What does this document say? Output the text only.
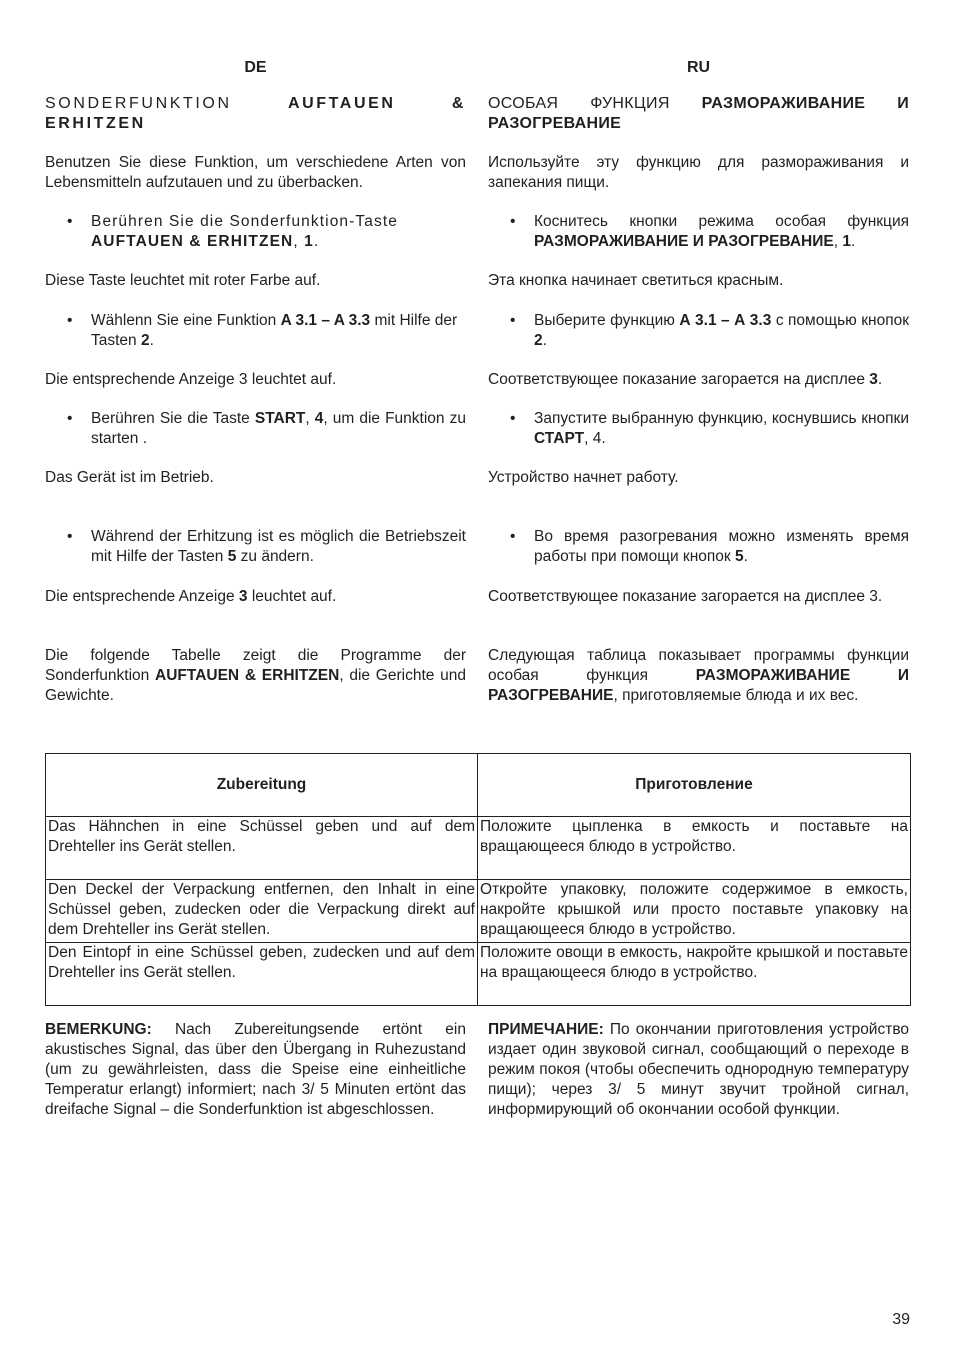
DE	RU
SONDERFUNKTION	AUFTAUEN & ERHITZEN
ОСОБАЯ ФУНКЦИЯ РАЗМОРАЖИВАНИЕ И РАЗОГРЕВАНИЕ
Benutzen Sie diese Funktion, um verschiedene Arten von Lebensmitteln aufzutauen und zu überbacken.
Используйте эту функцию для размораживания и запекания пищи.
• Berühren Sie die Sonderfunktion-Taste
AUFTAUEN & ERHITZEN, 1.
• Коснитесь кнопки режима особая функция РАЗМОРАЖИВАНИЕ И РАЗОГРЕВАНИЕ, 1.
Diese Taste leuchtet mit roter Farbe auf.	Эта кнопка начинает светиться красным.
• Wählenn Sie eine Funktion A 3.1 – A 3.3 mit Hilfe der Tasten 2.
• Выберите функцию А 3.1 – А 3.3 с помощью кнопок 2.
Die entsprechende Anzeige 3 leuchtet auf.	Соответствующее показание загорается на дисплее 3.
• Berühren Sie die Taste START, 4, um die Funktion zu starten .
• Запустите выбранную функцию, коснувшись кнопки СТАРТ, 4.
Das Gerät ist im Betrieb.	Устройство начнет работу.
• Während der Erhitzung ist es möglich die Betriebszeit mit Hilfe der Tasten 5 zu ändern.
• Во время разогревания можно изменять время работы при помощи кнопок 5.
Die entsprechende Anzeige 3 leuchtet auf.	Соответствующее показание загорается на дисплее 3.
Die folgende Tabelle zeigt die Programme der Sonderfunktion AUFTAUEN & ERHITZEN, die Gerichte und Gewichte.
Следующая таблица показывает программы функции особая функция	РАЗМОРАЖИВАНИЕ И РАЗОГРЕВАНИЕ, приготовляемые блюда и их вес.
Zubereitung	Приготовление
Das Hähnchen in eine Schüssel geben und auf dem Drehteller ins Gerät stellen.	Положите цыпленка в емкость и поставьте на вращающееся блюдо в устройство.
Den Deckel der Verpackung entfernen, den Inhalt in eine Schüssel geben, zudecken oder die Verpackung direkt auf dem Drehteller ins Gerät stellen.	Откройте упаковку, положите содержимое в емкость, накройте крышкой или просто поставьте упаковку на вращающееся блюдо в устройство.
Den Eintopf in eine Schüssel geben, zudecken und auf dem Drehteller ins Gerät stellen.	Положите овощи в емкость, накройте крышкой и поставьте на вращающееся блюдо в устройство.
BEMERKUNG: Nach Zubereitungsende ertönt ein akustisches Signal, das über den Übergang in Ruhezustand (um zu gewährleisten, dass die Speise eine einheitliche Temperatur erlangt) informiert; nach 3/ 5 Minuten ertönt das dreifache Signal – die Sonderfunktion ist abgeschlossen.
ПРИМЕЧАНИЕ: По окончании приготовления устройство издает один звуковой сигнал, сообщающий о переходе в режим покоя (чтобы обеспечить однородную температуру пищи); через 3/ 5 минут звучит тройной сигнал, информирующий об окончании особой функции.
39
